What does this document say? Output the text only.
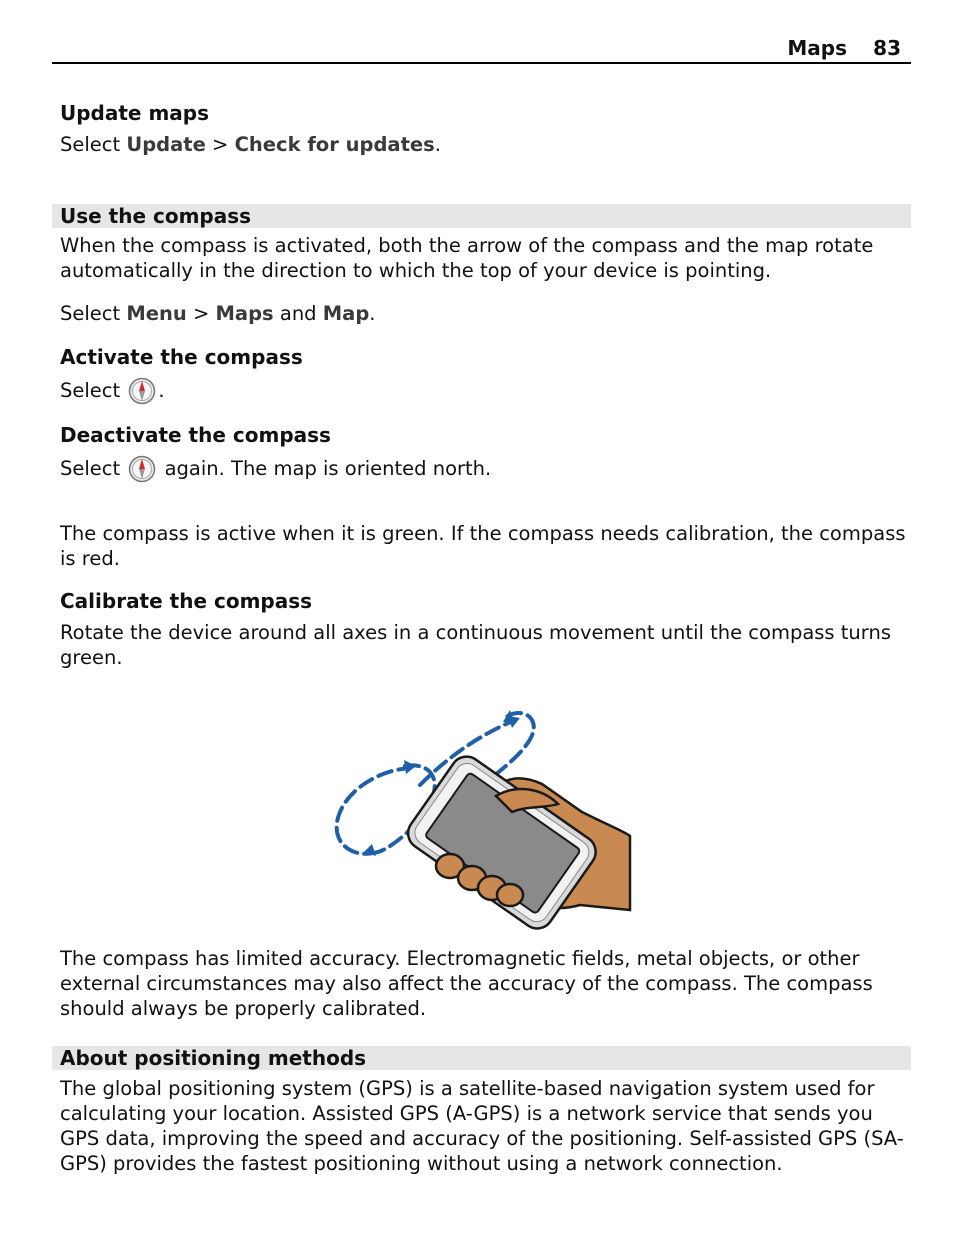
Maps 83
Update maps
Select Update > Check for updates.
Use the compass
When the compass is activated, both the arrow of the compass and the map rotate automatically in the direction to which the top of your device is pointing.
Select Menu > Maps and Map.
Activate the compass
Select .
Deactivate the compass
Select again. The map is oriented north.
The compass is active when it is green. If the compass needs calibration, the compass is red.
Calibrate the compass
Rotate the device around all axes in a continuous movement until the compass turns green.
The compass has limited accuracy. Electromagnetic fields, metal objects, or other external circumstances may also affect the accuracy of the compass. The compass should always be properly calibrated.
About positioning methods
The global positioning system (GPS) is a satellite-based navigation system used for calculating your location. Assisted GPS (A-GPS) is a network service that sends you GPS data, improving the speed and accuracy of the positioning. Self-assisted GPS (SA-GPS) provides the fastest positioning without using a network connection.
